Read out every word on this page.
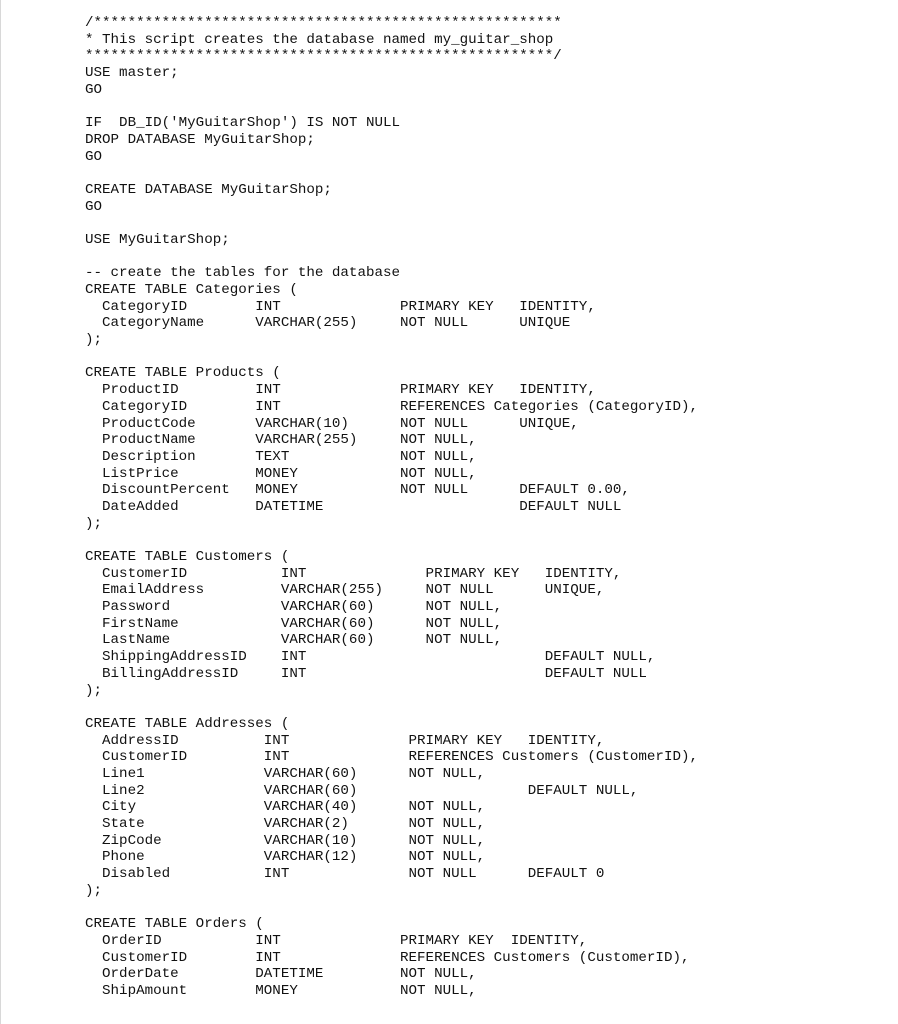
/*******************************************************
* This script creates the database named my_guitar_shop
*******************************************************/
USE master;
GO
IF  DB_ID('MyGuitarShop') IS NOT NULL
DROP DATABASE MyGuitarShop;
GO
CREATE DATABASE MyGuitarShop;
GO
USE MyGuitarShop;
-- create the tables for the database
CREATE TABLE Categories (
CategoryID        INT              PRIMARY KEY   IDENTITY,
CategoryName      VARCHAR(255)     NOT NULL      UNIQUE
);
CREATE TABLE Products (
ProductID         INT              PRIMARY KEY   IDENTITY,
CategoryID        INT              REFERENCES Categories (CategoryID),
ProductCode       VARCHAR(10)      NOT NULL      UNIQUE,
ProductName       VARCHAR(255)     NOT NULL,
Description       TEXT             NOT NULL,
ListPrice         MONEY            NOT NULL,
DiscountPercent   MONEY            NOT NULL      DEFAULT 0.00,
DateAdded         DATETIME                       DEFAULT NULL
);
CREATE TABLE Customers (
CustomerID           INT              PRIMARY KEY   IDENTITY,
EmailAddress         VARCHAR(255)     NOT NULL      UNIQUE,
Password             VARCHAR(60)      NOT NULL,
FirstName            VARCHAR(60)      NOT NULL,
LastName             VARCHAR(60)      NOT NULL,
ShippingAddressID    INT                            DEFAULT NULL,
BillingAddressID     INT                            DEFAULT NULL
);
CREATE TABLE Addresses (
AddressID          INT              PRIMARY KEY   IDENTITY,
CustomerID         INT              REFERENCES Customers (CustomerID),
Line1              VARCHAR(60)      NOT NULL,
Line2              VARCHAR(60)                    DEFAULT NULL,
City               VARCHAR(40)      NOT NULL,
State              VARCHAR(2)       NOT NULL,
ZipCode            VARCHAR(10)      NOT NULL,
Phone              VARCHAR(12)      NOT NULL,
Disabled           INT              NOT NULL      DEFAULT 0
);
CREATE TABLE Orders (
OrderID           INT              PRIMARY KEY  IDENTITY,
CustomerID        INT              REFERENCES Customers (CustomerID),
OrderDate         DATETIME         NOT NULL,
ShipAmount        MONEY            NOT NULL,
